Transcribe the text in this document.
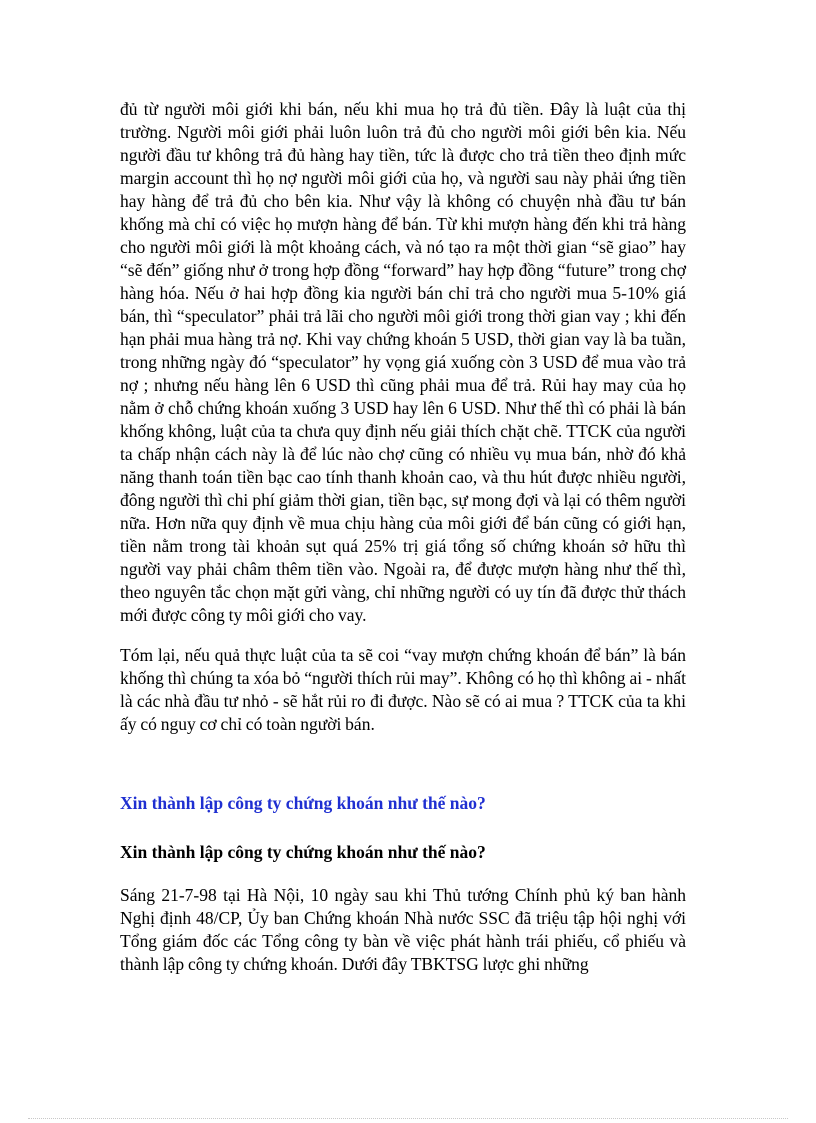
đủ từ người môi giới khi bán, nếu khi mua họ trả đủ tiền. Đây là luật của thị trường. Người môi giới phải luôn luôn trả đủ cho người môi giới bên kia. Nếu người đầu tư không trả đủ hàng hay tiền, tức là được cho trả tiền theo định mức margin account thì họ nợ người môi giới của họ, và người sau này phải ứng tiền hay hàng để trả đủ cho bên kia. Như vậy là không có chuyện nhà đầu tư bán khống mà chỉ có việc họ mượn hàng để bán. Từ khi mượn hàng đến khi trả hàng cho người môi giới là một khoảng cách, và nó tạo ra một thời gian “sẽ giao” hay “sẽ đến” giống như ở trong hợp đồng “forward” hay hợp đồng “future” trong chợ hàng hóa. Nếu ở hai hợp đồng kia người bán chỉ trả cho người mua 5-10% giá bán, thì “speculator” phải trả lãi cho người môi giới trong thời gian vay ; khi đến hạn phải mua hàng trả nợ. Khi vay chứng khoán 5 USD, thời gian vay là ba tuần, trong những ngày đó “speculator” hy vọng giá xuống còn 3 USD để mua vào trả nợ ; nhưng nếu hàng lên 6 USD thì cũng phải mua để trả. Rủi hay may của họ nằm ở chỗ chứng khoán xuống 3 USD hay lên 6 USD. Như thế thì có phải là bán khống không, luật của ta chưa quy định nếu giải thích chặt chẽ. TTCK của người ta chấp nhận cách này là để lúc nào chợ cũng có nhiều vụ mua bán, nhờ đó khả năng thanh toán tiền bạc cao tính thanh khoản cao, và thu hút được nhiều người, đông người thì chi phí giảm thời gian, tiền bạc, sự mong đợi và lại có thêm người nữa. Hơn nữa quy định về mua chịu hàng của môi giới để bán cũng có giới hạn, tiền nằm trong tài khoản sụt quá 25% trị giá tổng số chứng khoán sở hữu thì người vay phải châm thêm tiền vào. Ngoài ra, để được mượn hàng như thế thì, theo nguyên tắc chọn mặt gửi vàng, chỉ những người có uy tín đã được thử thách mới được công ty môi giới cho vay.

Tóm lại, nếu quả thực luật của ta sẽ coi “vay mượn chứng khoán để bán” là bán khống thì chúng ta xóa bỏ “người thích rủi may”. Không có họ thì không ai - nhất là các nhà đầu tư nhỏ - sẽ hắt rủi ro đi được. Nào sẽ có ai mua ? TTCK của ta khi ấy có nguy cơ chỉ có toàn người bán.

Xin thành lập công ty chứng khoán như thế nào?

Xin thành lập công ty chứng khoán như thế nào?

Sáng 21-7-98 tại Hà Nội, 10 ngày sau khi Thủ tướng Chính phủ ký ban hành Nghị định 48/CP, Ủy ban Chứng khoán Nhà nước SSC đã triệu tập hội nghị với Tổng giám đốc các Tổng công ty bàn về việc phát hành trái phiếu, cổ phiếu và thành lập công ty chứng khoán. Dưới đây TBKTSG lược ghi những
